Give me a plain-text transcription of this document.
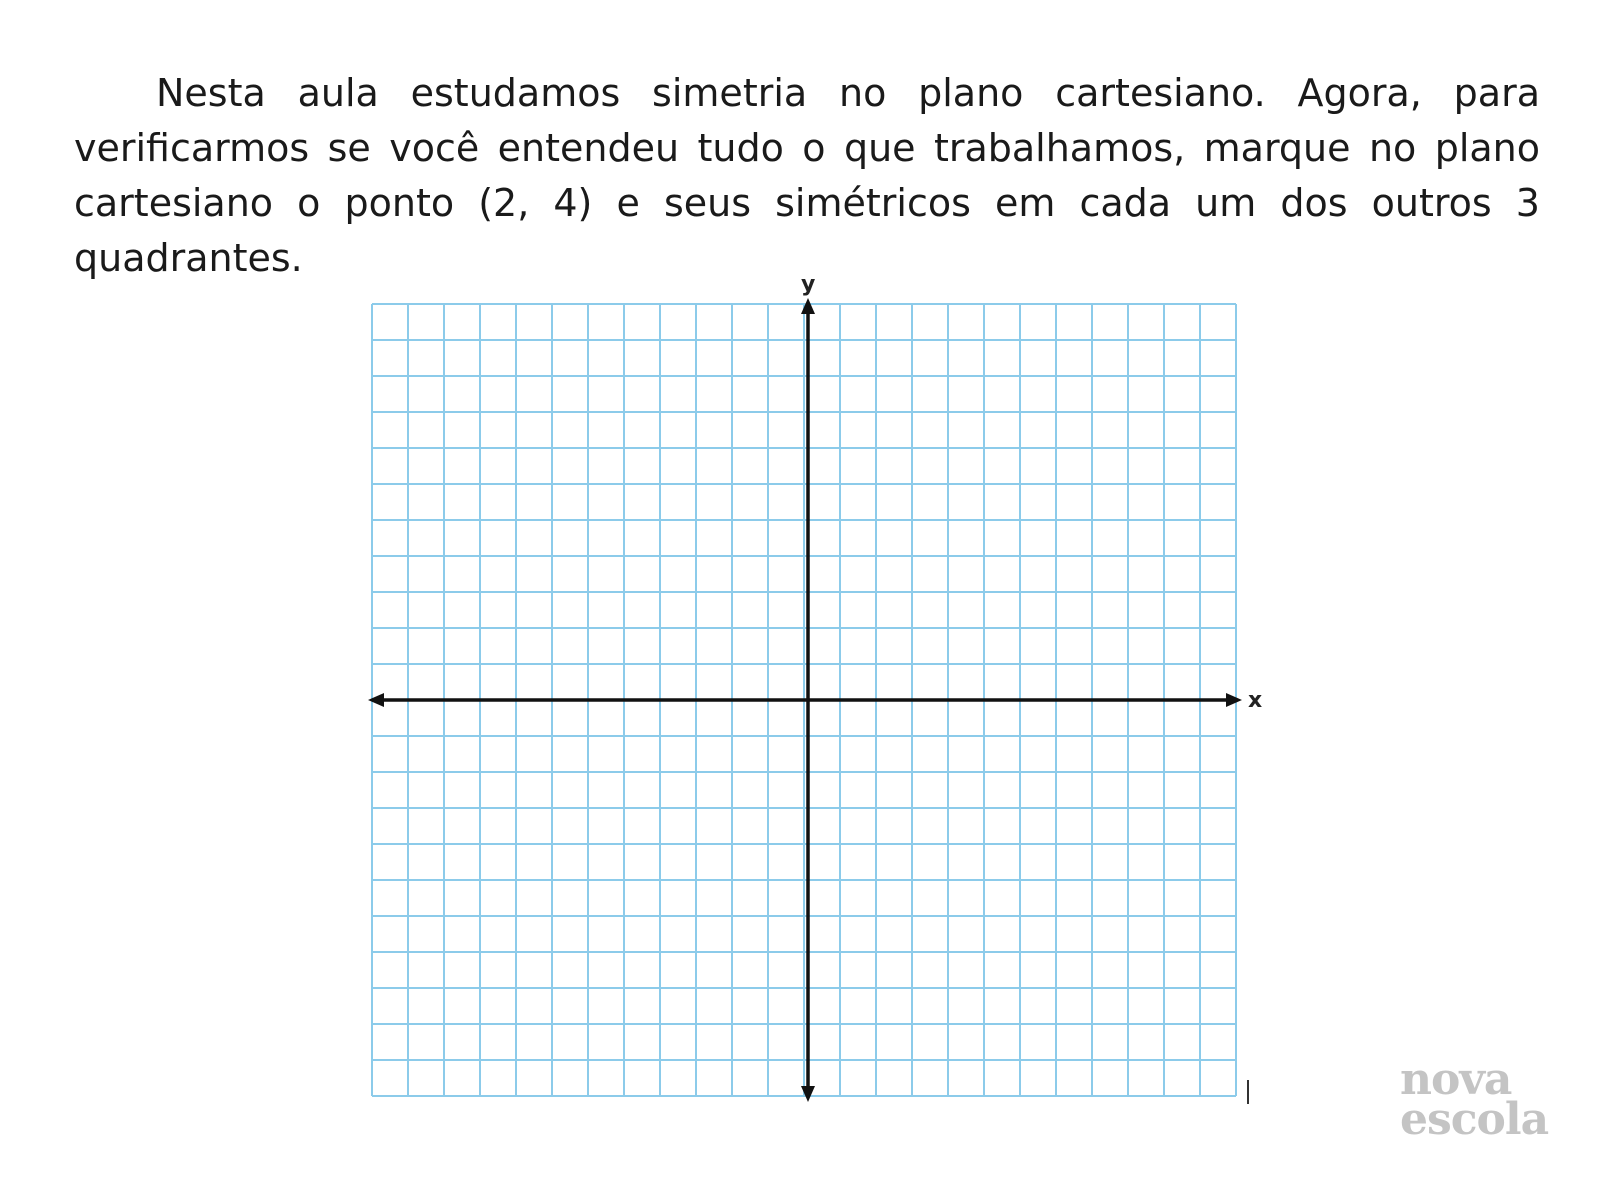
Nesta aula estudamos simetria no plano cartesiano. Agora, para verificarmos se você entendeu tudo o que trabalhamos, marque no plano cartesiano o ponto (2, 4) e seus simétricos em cada um dos outros 3 quadrantes.

y
x

nova
escola
